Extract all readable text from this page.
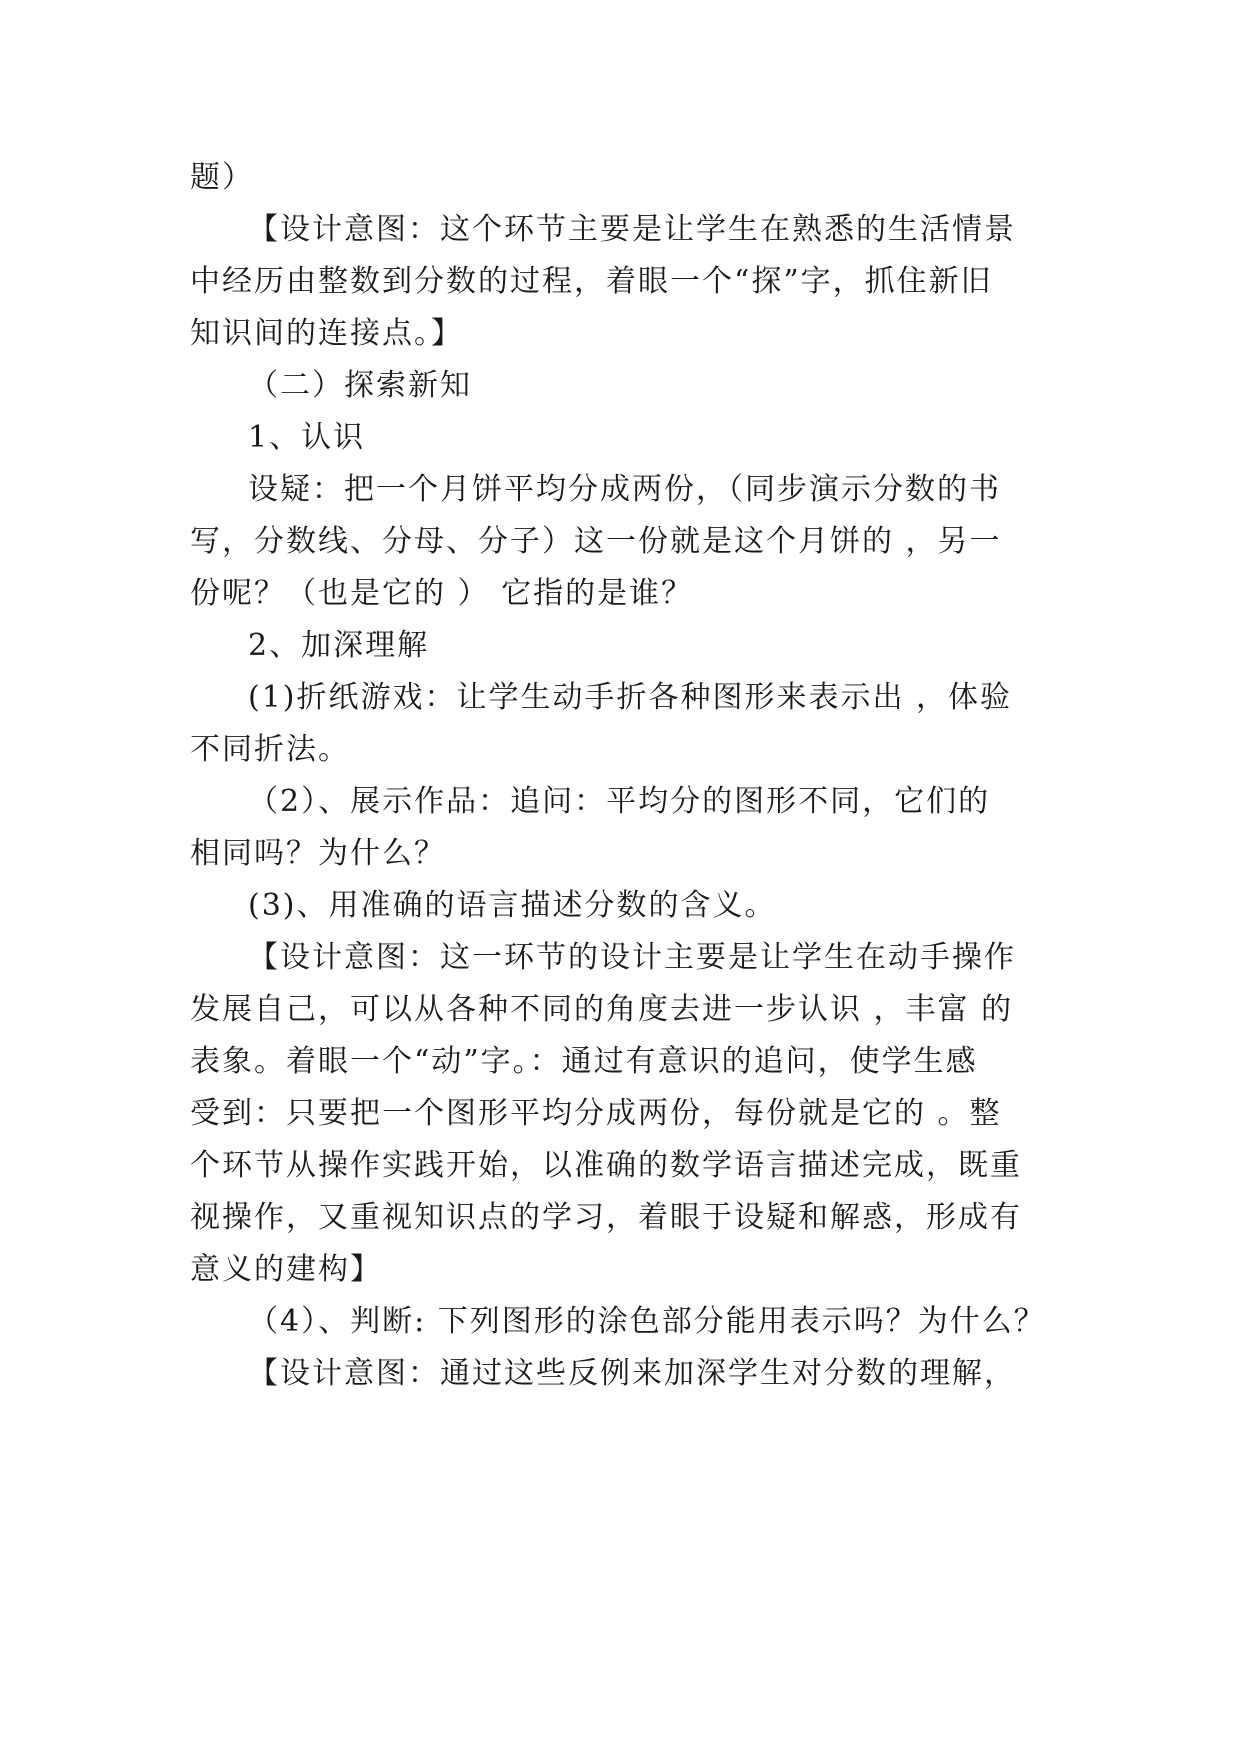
题）
【设计意图：这个环节主要是让学生在熟悉的生活情景
中经历由整数到分数的过程，着眼一个“探”字，抓住新旧
知识间的连接点。】
（二）探索新知
1、认识
设疑：把一个月饼平均分成两份，（同步演示分数的书
写，分数线、分母、分子）这一份就是这个月饼的 ，另一
份呢？（也是它的 ） 它指的是谁？
2、加深理解
(1)折纸游戏：让学生动手折各种图形来表示出 ，体验
不同折法。
（2）、展示作品：追问：平均分的图形不同，它们的
相同吗？为什么？
(3)、用准确的语言描述分数的含义。
【设计意图：这一环节的设计主要是让学生在动手操作
发展自己，可以从各种不同的角度去进一步认识 ，丰富 的
表象。着眼一个“动”字。：通过有意识的追问，使学生感
受到：只要把一个图形平均分成两份，每份就是它的 。整
个环节从操作实践开始，以准确的数学语言描述完成，既重
视操作，又重视知识点的学习，着眼于设疑和解惑，形成有
意义的建构】
（4）、判断: 下列图形的涂色部分能用表示吗？为什么？
【设计意图：通过这些反例来加深学生对分数的理解，
